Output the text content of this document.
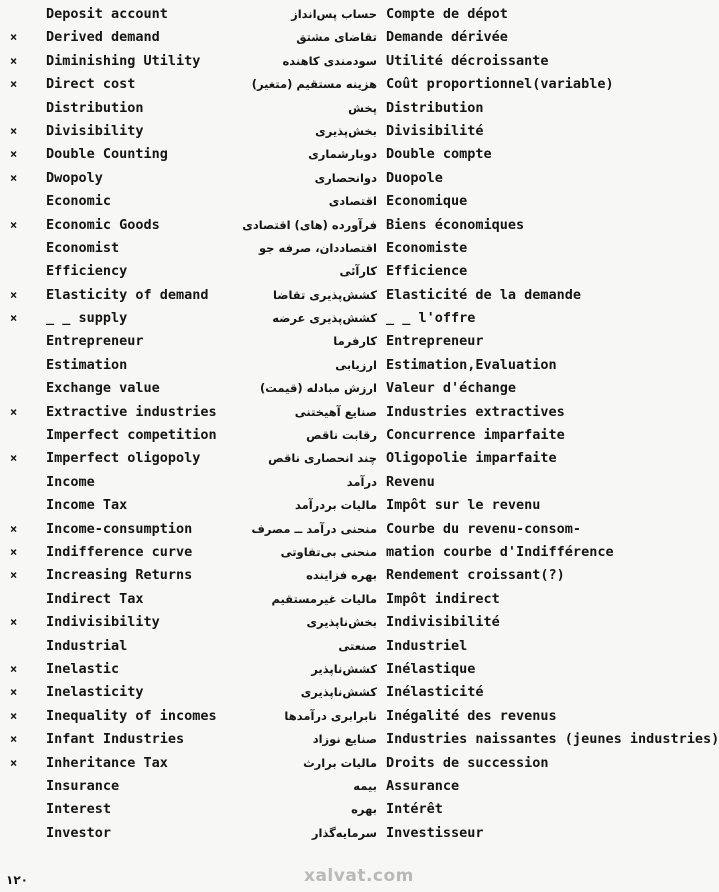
Deposit account	حساب پس‌انداز Compte de dépot
× Derived demand	تقاضای مشتق Demande dérivée
× Diminishing Utility	سودمندی کاهنده Utilité décroissante
× Direct cost	هزینه مستقیم (متغیر) Coût proportionnel(variable)
Distribution	پخش Distribution
× Divisibility	بخش‌پذیری Divisibilité
× Double Counting	دوبارشماری Double compte
× Dwopoly	دوانحصاری Duopole
Economic	اقتصادی Economique
× Economic Goods	فرآورده (های) اقتصادی Biens économiques
Economist	اقتصاددان، صرفه جو Economiste
Efficiency	کارآئی Efficience
× Elasticity of demand	کشش‌پذیری تقاضا Elasticité de la demande
× _ _ supply	کشش‌پذیری عرضه _ _ l'offre
Entrepreneur	کارفرما Entrepreneur
Estimation	ارزیابی Estimation,Evaluation
Exchange value	ارزش مبادله (قیمت) Valeur d'échange
× Extractive industries	صنایع آهیختنی Industries extractives
Imperfect competition	رقابت ناقص Concurrence imparfaite
× Imperfect oligopoly	چند انحصاری ناقص Oligopolie imparfaite
Income	درآمد Revenu
Income Tax	مالیات بردرآمد Impôt sur le revenu
× Income-consumption	منحنی درآمد ــ مصرف Courbe du revenu-consom-
× Indifference curve	منحنی بی‌تفاوتی mation courbe d'Indifférence
× Increasing Returns	بهره فزاینده Rendement croissant(?)
Indirect Tax	مالیات غیرمستقیم Impôt indirect
× Indivisibility	بخش‌ناپذیری Indivisibilité
Industrial	صنعتی Industriel
× Inelastic	کشش‌ناپذیر Inélastique
× Inelasticity	کشش‌ناپذیری Inélasticité
× Inequality of incomes	نابرابری درآمدها Inégalité des revenus
× Infant Industries	صنایع نوزاد Industries naissantes (jeunes industries)
× Inheritance Tax	مالیات برارث Droits de succession
Insurance	بیمه Assurance
Interest	بهره Intérêt
Investor	سرمایه‌گذار Investisseur
۱۲۰	xalvat.com
